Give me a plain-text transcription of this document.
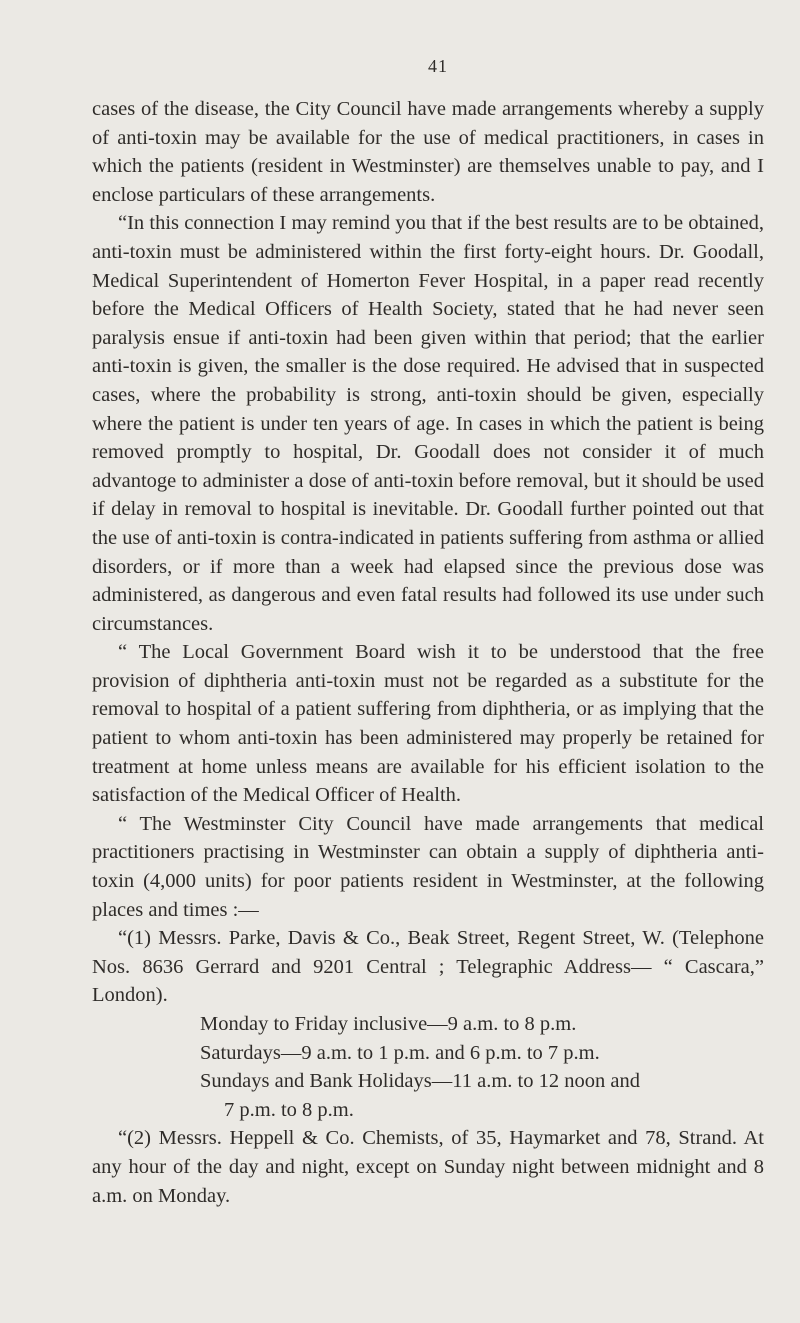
41

cases of the disease, the City Council have made arrangements whereby a supply of anti-toxin may be available for the use of medical practitioners, in cases in which the patients (resident in Westminster) are themselves unable to pay, and I enclose particulars of these arrangements.

“In this connection I may remind you that if the best results are to be obtained, anti-toxin must be administered within the first forty-eight hours. Dr. Goodall, Medical Superintendent of Homerton Fever Hospital, in a paper read recently before the Medical Officers of Health Society, stated that he had never seen paralysis ensue if anti-toxin had been given within that period; that the earlier anti-toxin is given, the smaller is the dose required. He advised that in suspected cases, where the probability is strong, anti-toxin should be given, especially where the patient is under ten years of age. In cases in which the patient is being removed promptly to hospital, Dr. Goodall does not consider it of much advantoge to administer a dose of anti-toxin before removal, but it should be used if delay in removal to hospital is inevitable. Dr. Goodall further pointed out that the use of anti-toxin is contra-indicated in patients suffering from asthma or allied disorders, or if more than a week had elapsed since the previous dose was administered, as dangerous and even fatal results had followed its use under such circumstances.

“ The Local Government Board wish it to be understood that the free provision of diphtheria anti-toxin must not be regarded as a substitute for the removal to hospital of a patient suffering from diphtheria, or as implying that the patient to whom anti-toxin has been administered may properly be retained for treatment at home unless means are available for his efficient isolation to the satisfaction of the Medical Officer of Health.

“ The Westminster City Council have made arrangements that medical practitioners practising in Westminster can obtain a supply of diphtheria anti-toxin (4,000 units) for poor patients resident in Westminster, at the following places and times :—

“(1) Messrs. Parke, Davis & Co., Beak Street, Regent Street, W. (Telephone Nos. 8636 Gerrard and 9201 Central ; Telegraphic Address— “ Cascara,” London).

Monday to Friday inclusive—9 a.m. to 8 p.m.
Saturdays—9 a.m. to 1 p.m. and 6 p.m. to 7 p.m.
Sundays and Bank Holidays—11 a.m. to 12 noon and
7 p.m. to 8 p.m.

“(2) Messrs. Heppell & Co. Chemists, of 35, Haymarket and 78, Strand. At any hour of the day and night, except on Sunday night between midnight and 8 a.m. on Monday.
